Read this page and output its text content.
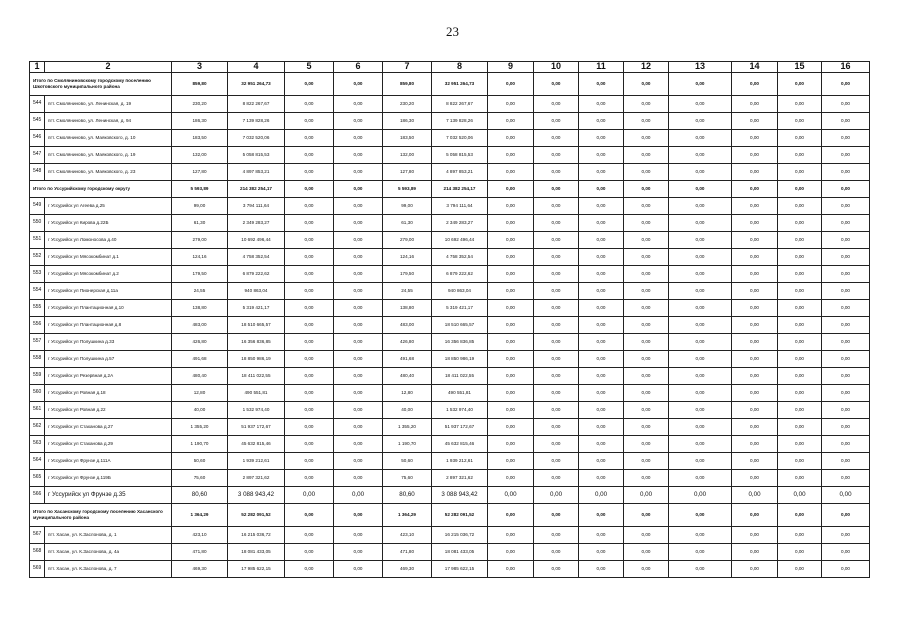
23
1	2	3	4	5	6	7	8	9	10	11	12	13	14	15	16
Итого по Смоляниновскому городскому поселению Шкотовского муниципального района		859,80	32 951 264,73	0,00	0,00	859,80	32 951 264,73	0,00	0,00	0,00	0,00	0,00	0,00	0,00	0,00
544	пгт. Смоляниново, ул. Ленинская, д. 19	230,20	8 822 267,67	0,00	0,00	230,20	8 822 267,67	0,00	0,00	0,00	0,00	0,00	0,00	0,00	0,00
545	пгт. Смоляниново, ул. Ленинская, д. 94	186,30	7 139 828,26	0,00	0,00	186,30	7 139 828,26	0,00	0,00	0,00	0,00	0,00	0,00	0,00	0,00
546	пгт. Смоляниново, ул. Маяковского, д. 10	183,50	7 032 520,06	0,00	0,00	183,50	7 032 520,06	0,00	0,00	0,00	0,00	0,00	0,00	0,00	0,00
547	пгт. Смоляниново, ул. Маяковского, д. 19	132,00	5 058 815,53	0,00	0,00	132,00	5 058 815,53	0,00	0,00	0,00	0,00	0,00	0,00	0,00	0,00
548	пгт. Смоляниново, ул. Маяковского, д. 23	127,80	4 897 853,21	0,00	0,00	127,80	4 897 853,21	0,00	0,00	0,00	0,00	0,00	0,00	0,00	0,00
Итого по Уссурийскому городскому округу		5 593,89	214 382 254,17	0,00	0,00	5 593,89	214 382 254,17	0,00	0,00	0,00	0,00	0,00	0,00	0,00	0,00
549	г Уссурийск ул Агеева д.25	99,00	3 794 111,64	0,00	0,00	99,00	3 794 111,64	0,00	0,00	0,00	0,00	0,00	0,00	0,00	0,00
550	г Уссурийск ул Кирова д.22Б	61,30	2 349 283,27	0,00	0,00	61,30	2 349 283,27	0,00	0,00	0,00	0,00	0,00	0,00	0,00	0,00
551	г Уссурийск ул Ломоносова д.40	279,00	10 692 496,44	0,00	0,00	279,00	10 692 496,44	0,00	0,00	0,00	0,00	0,00	0,00	0,00	0,00
552	г Уссурийск ул Мясокомбинат д.1	124,16	4 758 352,54	0,00	0,00	124,16	4 758 352,54	0,00	0,00	0,00	0,00	0,00	0,00	0,00	0,00
553	г Уссурийск ул Мясокомбинат д.2	179,50	6 879 222,62	0,00	0,00	179,50	6 879 222,62	0,00	0,00	0,00	0,00	0,00	0,00	0,00	0,00
554	г Уссурийск ул Пионерская д.11а	24,55	940 863,04	0,00	0,00	24,55	940 863,04	0,00	0,00	0,00	0,00	0,00	0,00	0,00	0,00
555	г Уссурийск ул Плантационная д.10	138,80	5 319 421,17	0,00	0,00	138,80	5 319 421,17	0,00	0,00	0,00	0,00	0,00	0,00	0,00	0,00
556	г Уссурийск ул Плантационная д.8	483,00	18 510 665,57	0,00	0,00	483,00	18 510 665,57	0,00	0,00	0,00	0,00	0,00	0,00	0,00	0,00
557	г Уссурийск ул Полушкина д.33	426,80	16 356 836,85	0,00	0,00	426,80	16 356 836,85	0,00	0,00	0,00	0,00	0,00	0,00	0,00	0,00
558	г Уссурийск ул Полушкина д.57	491,68	18 850 986,19	0,00	0,00	491,68	18 850 986,19	0,00	0,00	0,00	0,00	0,00	0,00	0,00	0,00
559	г Уссурийск ул Резервная д.2А	480,40	18 411 022,55	0,00	0,00	480,40	18 411 022,55	0,00	0,00	0,00	0,00	0,00	0,00	0,00	0,00
560	г Уссурийск ул Ровная д.18	12,80	490 551,81	0,00	0,00	12,80	490 551,81	0,00	0,00	0,00	0,00	0,00	0,00	0,00	0,00
561	г Уссурийск ул Ровная д.22	40,00	1 532 974,40	0,00	0,00	40,00	1 532 974,40	0,00	0,00	0,00	0,00	0,00	0,00	0,00	0,00
562	г Уссурийск ул Стаханова д.27	1 355,20	51 937 172,67	0,00	0,00	1 355,20	51 937 172,67	0,00	0,00	0,00	0,00	0,00	0,00	0,00	0,00
563	г Уссурийск ул Стаханова д.29	1 190,70	45 632 815,46	0,00	0,00	1 190,70	45 632 815,46	0,00	0,00	0,00	0,00	0,00	0,00	0,00	0,00
564	г Уссурийск ул Фрунзе д.111А	50,60	1 939 212,61	0,00	0,00	50,60	1 939 212,61	0,00	0,00	0,00	0,00	0,00	0,00	0,00	0,00
565	г Уссурийск ул Фрунзе д.119Б	75,60	2 897 321,62	0,00	0,00	75,60	2 897 321,62	0,00	0,00	0,00	0,00	0,00	0,00	0,00	0,00
566	г Уссурийск ул Фрунзе д.35	80,60	3 088 943,42	0,00	0,00	80,60	3 088 943,42	0,00	0,00	0,00	0,00	0,00	0,00	0,00	0,00
Итого по Хасанскому городскому поселению Хасанского муниципального района		1 364,29	52 282 091,52	0,00	0,00	1 364,29	52 282 091,52	0,00	0,00	0,00	0,00	0,00	0,00	0,00	0,00
567	пгт. Хасан, ул. К.Заслонова, д. 1	423,10	16 215 036,72	0,00	0,00	423,10	16 215 036,72	0,00	0,00	0,00	0,00	0,00	0,00	0,00	0,00
568	пгт. Хасан, ул. К.Заслонова, д. 4а	471,80	18 081 433,05	0,00	0,00	471,80	18 081 433,05	0,00	0,00	0,00	0,00	0,00	0,00	0,00	0,00
569	пгт. Хасан, ул. К.Заслонова, д. 7	469,30	17 985 622,15	0,00	0,00	469,30	17 985 622,15	0,00	0,00	0,00	0,00	0,00	0,00	0,00	0,00
